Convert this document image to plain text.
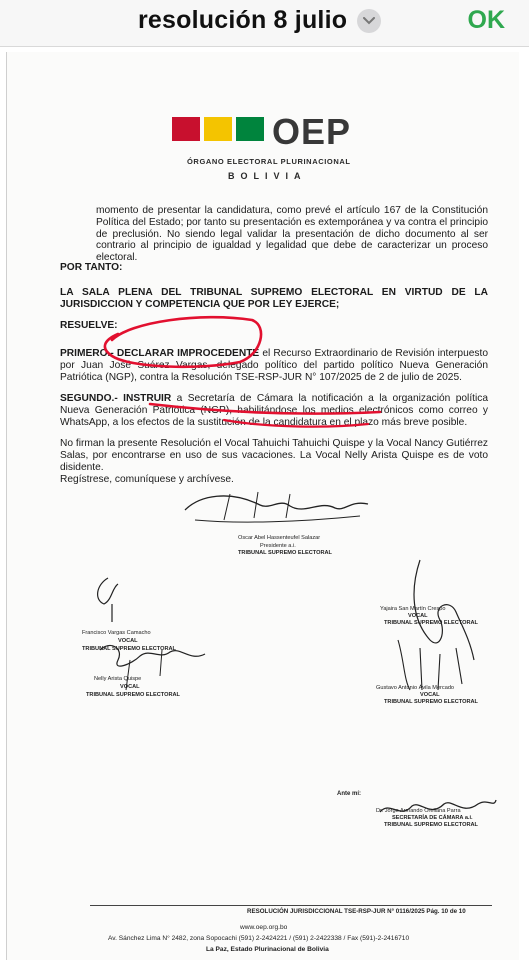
resolución 8 julio	OK
OEP
ÓRGANO ELECTORAL PLURINACIONAL
BOLIVIA
momento de presentar la candidatura, como prevé el artículo 167 de la Constitución Política del Estado; por tanto su presentación es extemporánea y va contra el principio de preclusión. No siendo legal validar la presentación de dicho documento al ser contrario al principio de igualdad y legalidad que debe de caracterizar un proceso electoral.
POR TANTO:
LA SALA PLENA DEL TRIBUNAL SUPREMO ELECTORAL EN VIRTUD DE LA JURISDICCION Y COMPETENCIA QUE POR LEY EJERCE;
RESUELVE:
PRIMERO.- DECLARAR IMPROCEDENTE el Recurso Extraordinario de Revisión interpuesto por Juan José Suárez Vargas, delegado político del partido político Nueva Generación Patriótica (NGP), contra la Resolución TSE-RSP-JUR N° 107/2025 de 2 de julio de 2025.
SEGUNDO.- INSTRUIR a Secretaría de Cámara la notificación a la organización política Nueva Generación Patriótica (NGP), habilitándose los medios electrónicos como correo y WhatsApp, a los efectos de la sustitución de la candidatura en el plazo más breve posible.
No firman la presente Resolución el Vocal Tahuichi Tahuichi Quispe y la Vocal Nancy Gutiérrez Salas, por encontrarse en uso de sus vacaciones. La Vocal Nelly Arista Quispe es de voto disidente.
Regístrese, comuníquese y archívese.
Oscar Abel Hassenteufel Salazar
Presidente a.i.
TRIBUNAL SUPREMO ELECTORAL
Francisco Vargas Camacho
VOCAL
TRIBUNAL SUPREMO ELECTORAL
Yajaira San Martín Crespo
VOCAL
TRIBUNAL SUPREMO ELECTORAL
Nelly Arista Quispe
VOCAL
TRIBUNAL SUPREMO ELECTORAL
Gustavo Antonio Ávila Mercado
VOCAL
TRIBUNAL SUPREMO ELECTORAL
Ante mí:
Dr. Jorge Armando Orellana Parra
SECRETARÍA DE CÁMARA a.i.
TRIBUNAL SUPREMO ELECTORAL
RESOLUCIÓN JURISDICCIONAL TSE-RSP-JUR N° 0116/2025 Pág. 10 de 10
www.oep.org.bo
Av. Sánchez Lima N° 2482, zona Sopocachi (591) 2-2424221 / (591) 2-2422338 / Fax (591)-2-2416710
La Paz, Estado Plurinacional de Bolivia
